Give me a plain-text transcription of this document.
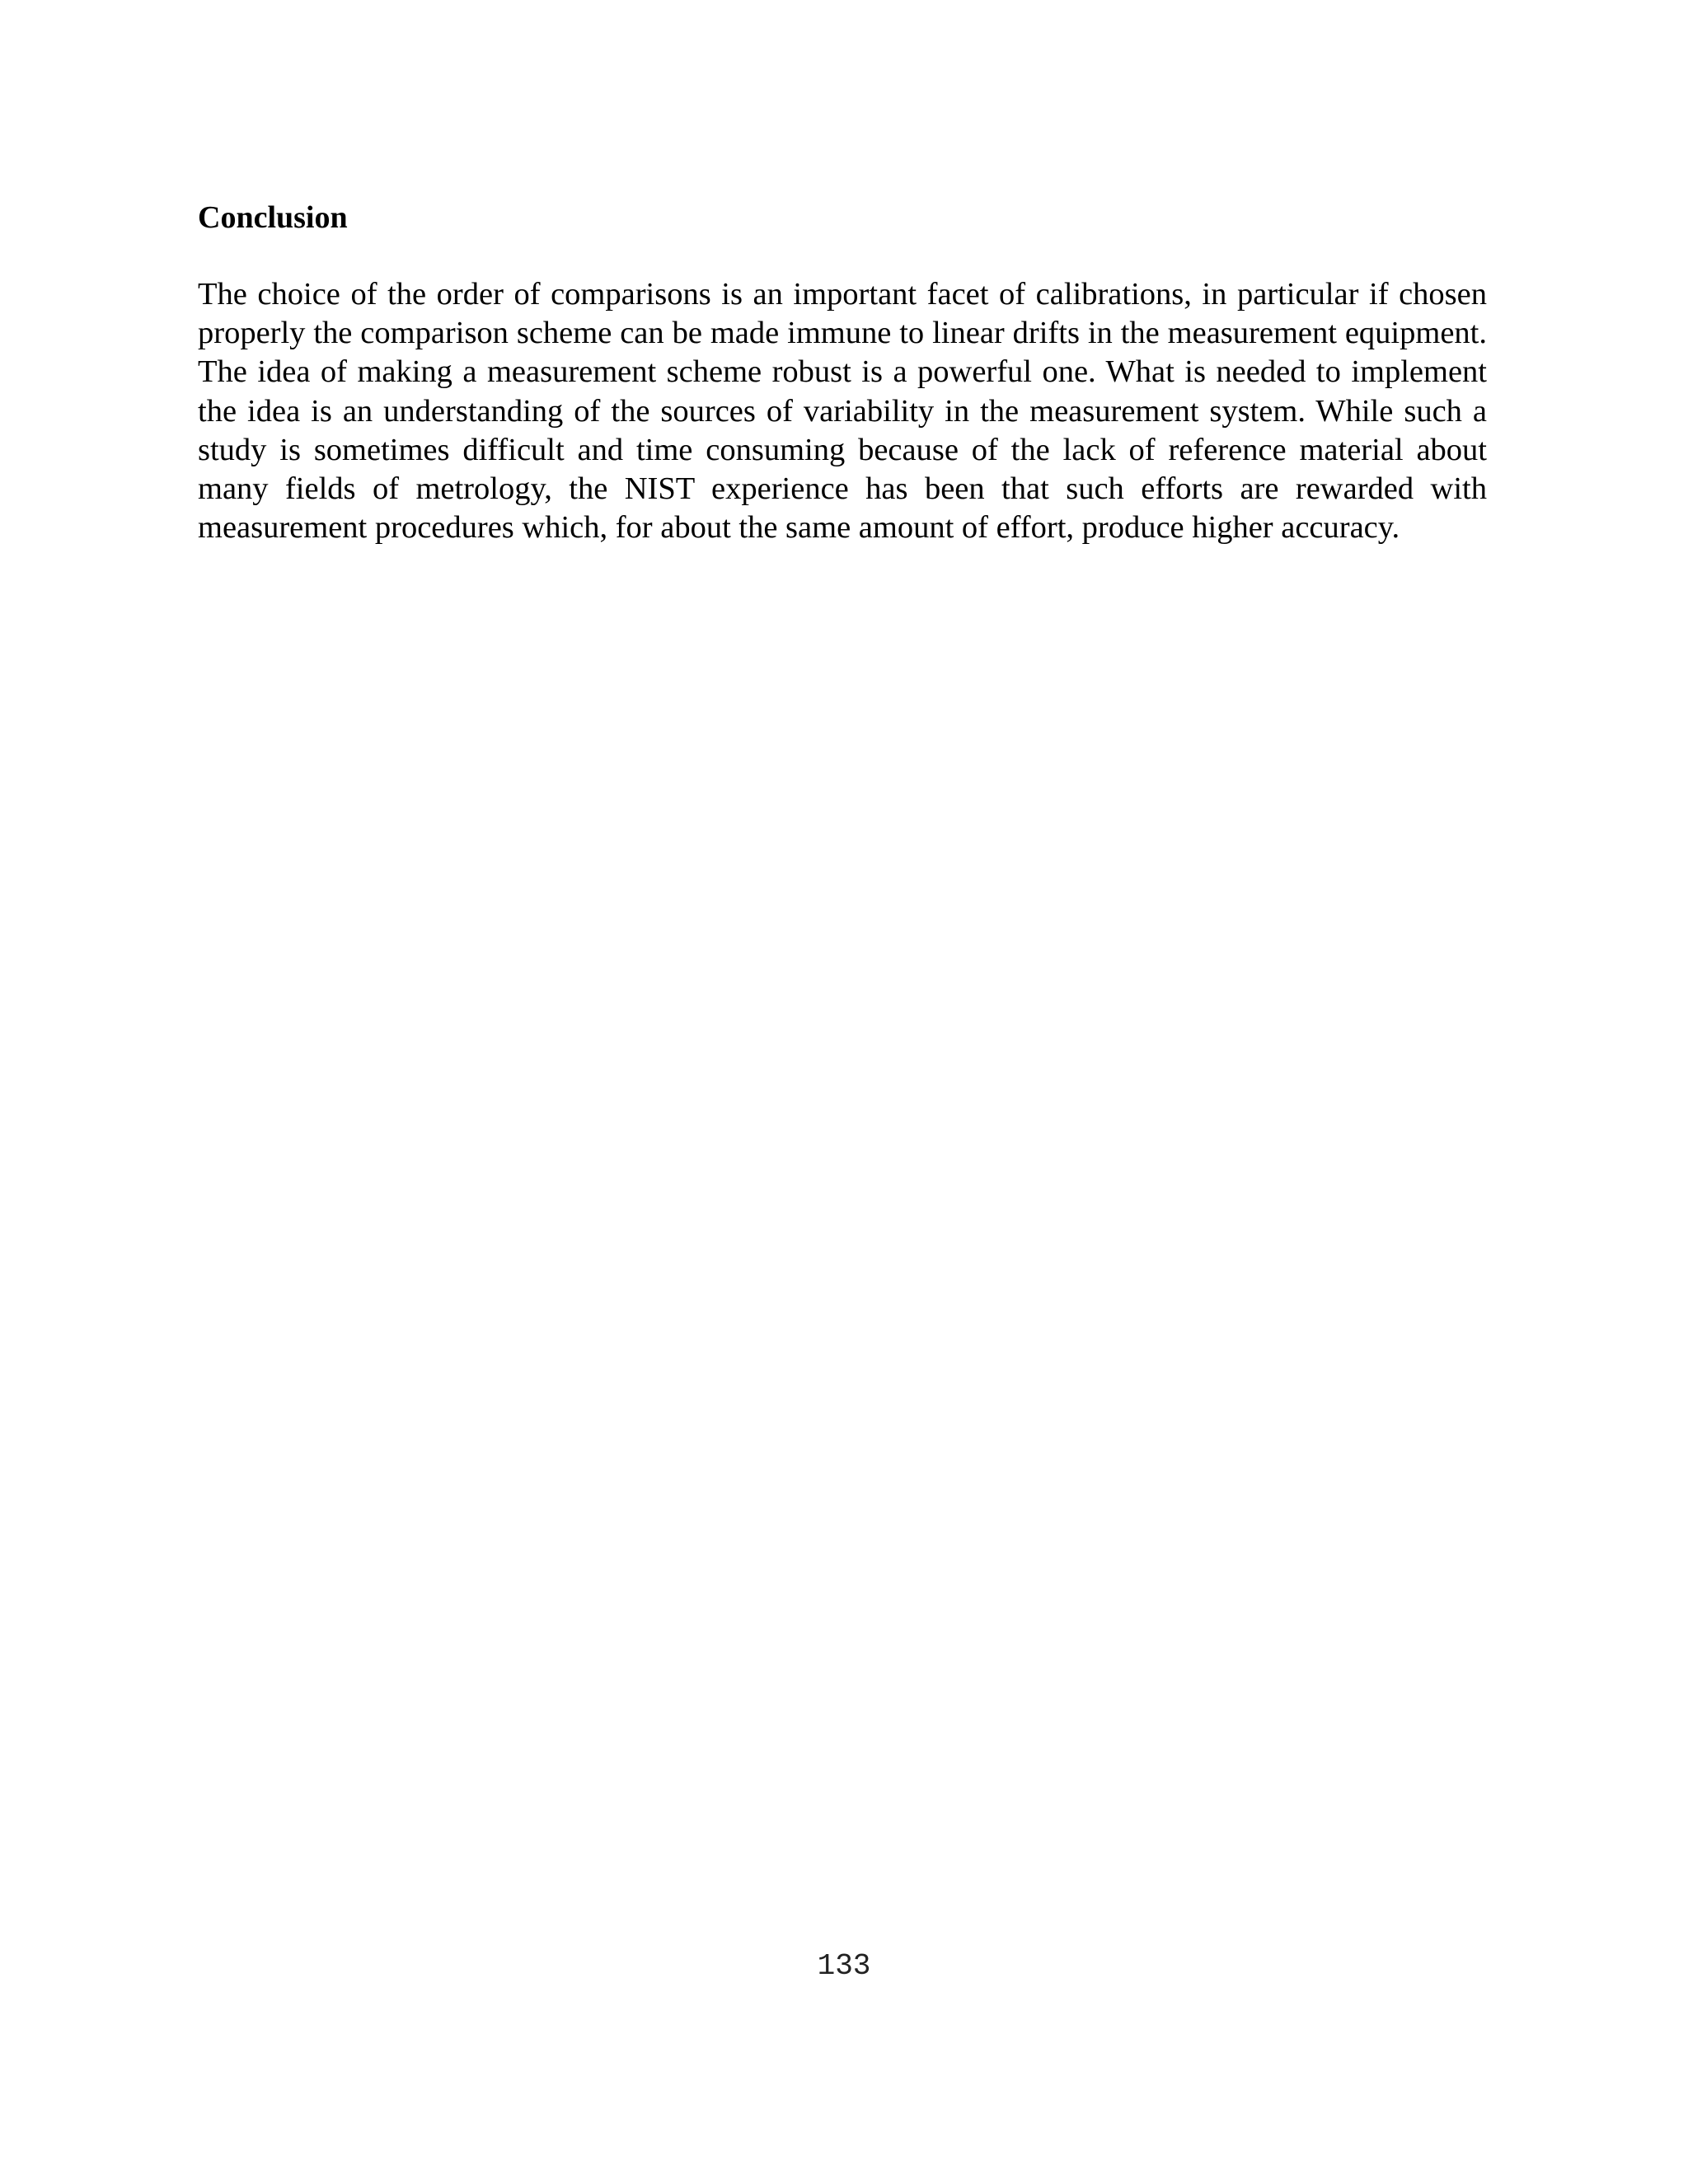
Conclusion

The choice of the order of comparisons is an important facet of calibrations, in particular if chosen properly the comparison scheme can be made immune to linear drifts in the measurement equipment. The idea of making a measurement scheme robust is a powerful one. What is needed to implement the idea is an understanding of the sources of variability in the measurement system. While such a study is sometimes difficult and time consuming because of the lack of reference material about many fields of metrology, the NIST experience has been that such efforts are rewarded with measurement procedures which, for about the same amount of effort, produce higher accuracy.

133
